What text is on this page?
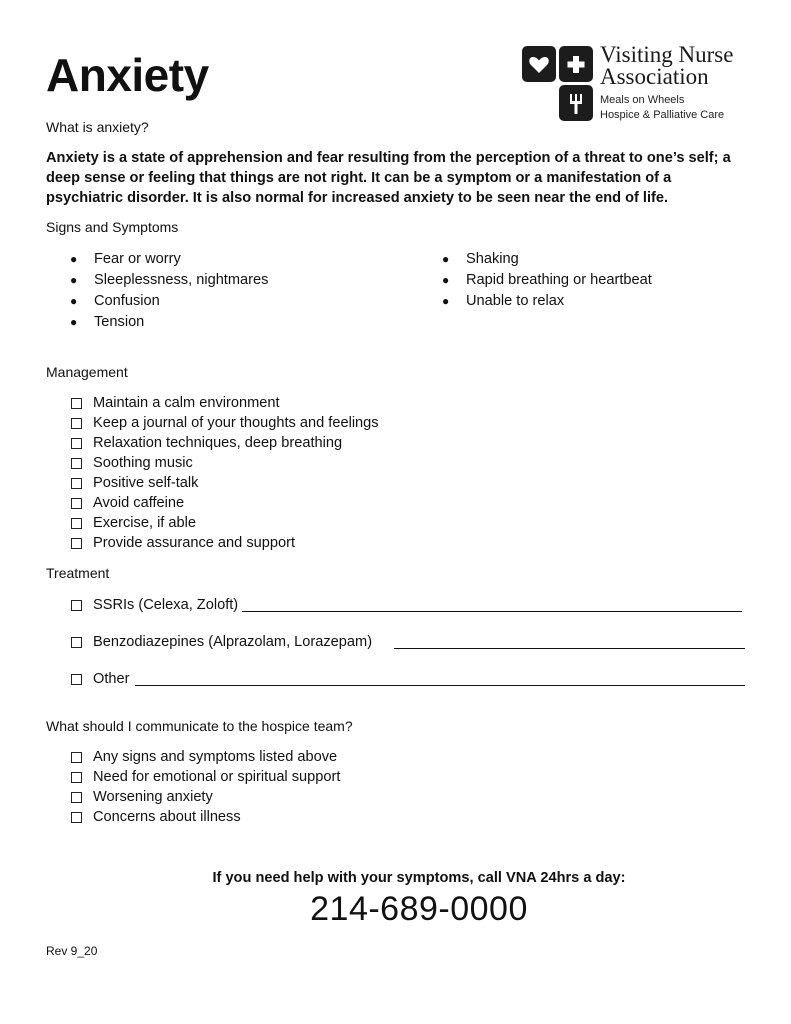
Anxiety	Visiting Nurse
Association
Meals on Wheels
Hospice & Palliative Care
What is anxiety?
Anxiety is a state of apprehension and fear resulting from the perception of a threat to one’s self; a deep sense or feeling that things are not right. It can be a symptom or a manifestation of a psychiatric disorder. It is also normal for increased anxiety to be seen near the end of life.
Signs and Symptoms
● Fear or worry
● Sleeplessness, nightmares
● Confusion
● Tension
● Shaking
● Rapid breathing or heartbeat
● Unable to relax
Management
Maintain a calm environment
Keep a journal of your thoughts and feelings
Relaxation techniques, deep breathing
Soothing music
Positive self-talk
Avoid caffeine
Exercise, if able
Provide assurance and support
Treatment
SSRIs (Celexa, Zoloft)
Benzodiazepines (Alprazolam, Lorazepam)
Other
What should I communicate to the hospice team?
Any signs and symptoms listed above
Need for emotional or spiritual support
Worsening anxiety
Concerns about illness
If you need help with your symptoms, call VNA 24hrs a day:
214-689-0000
Rev 9_20
